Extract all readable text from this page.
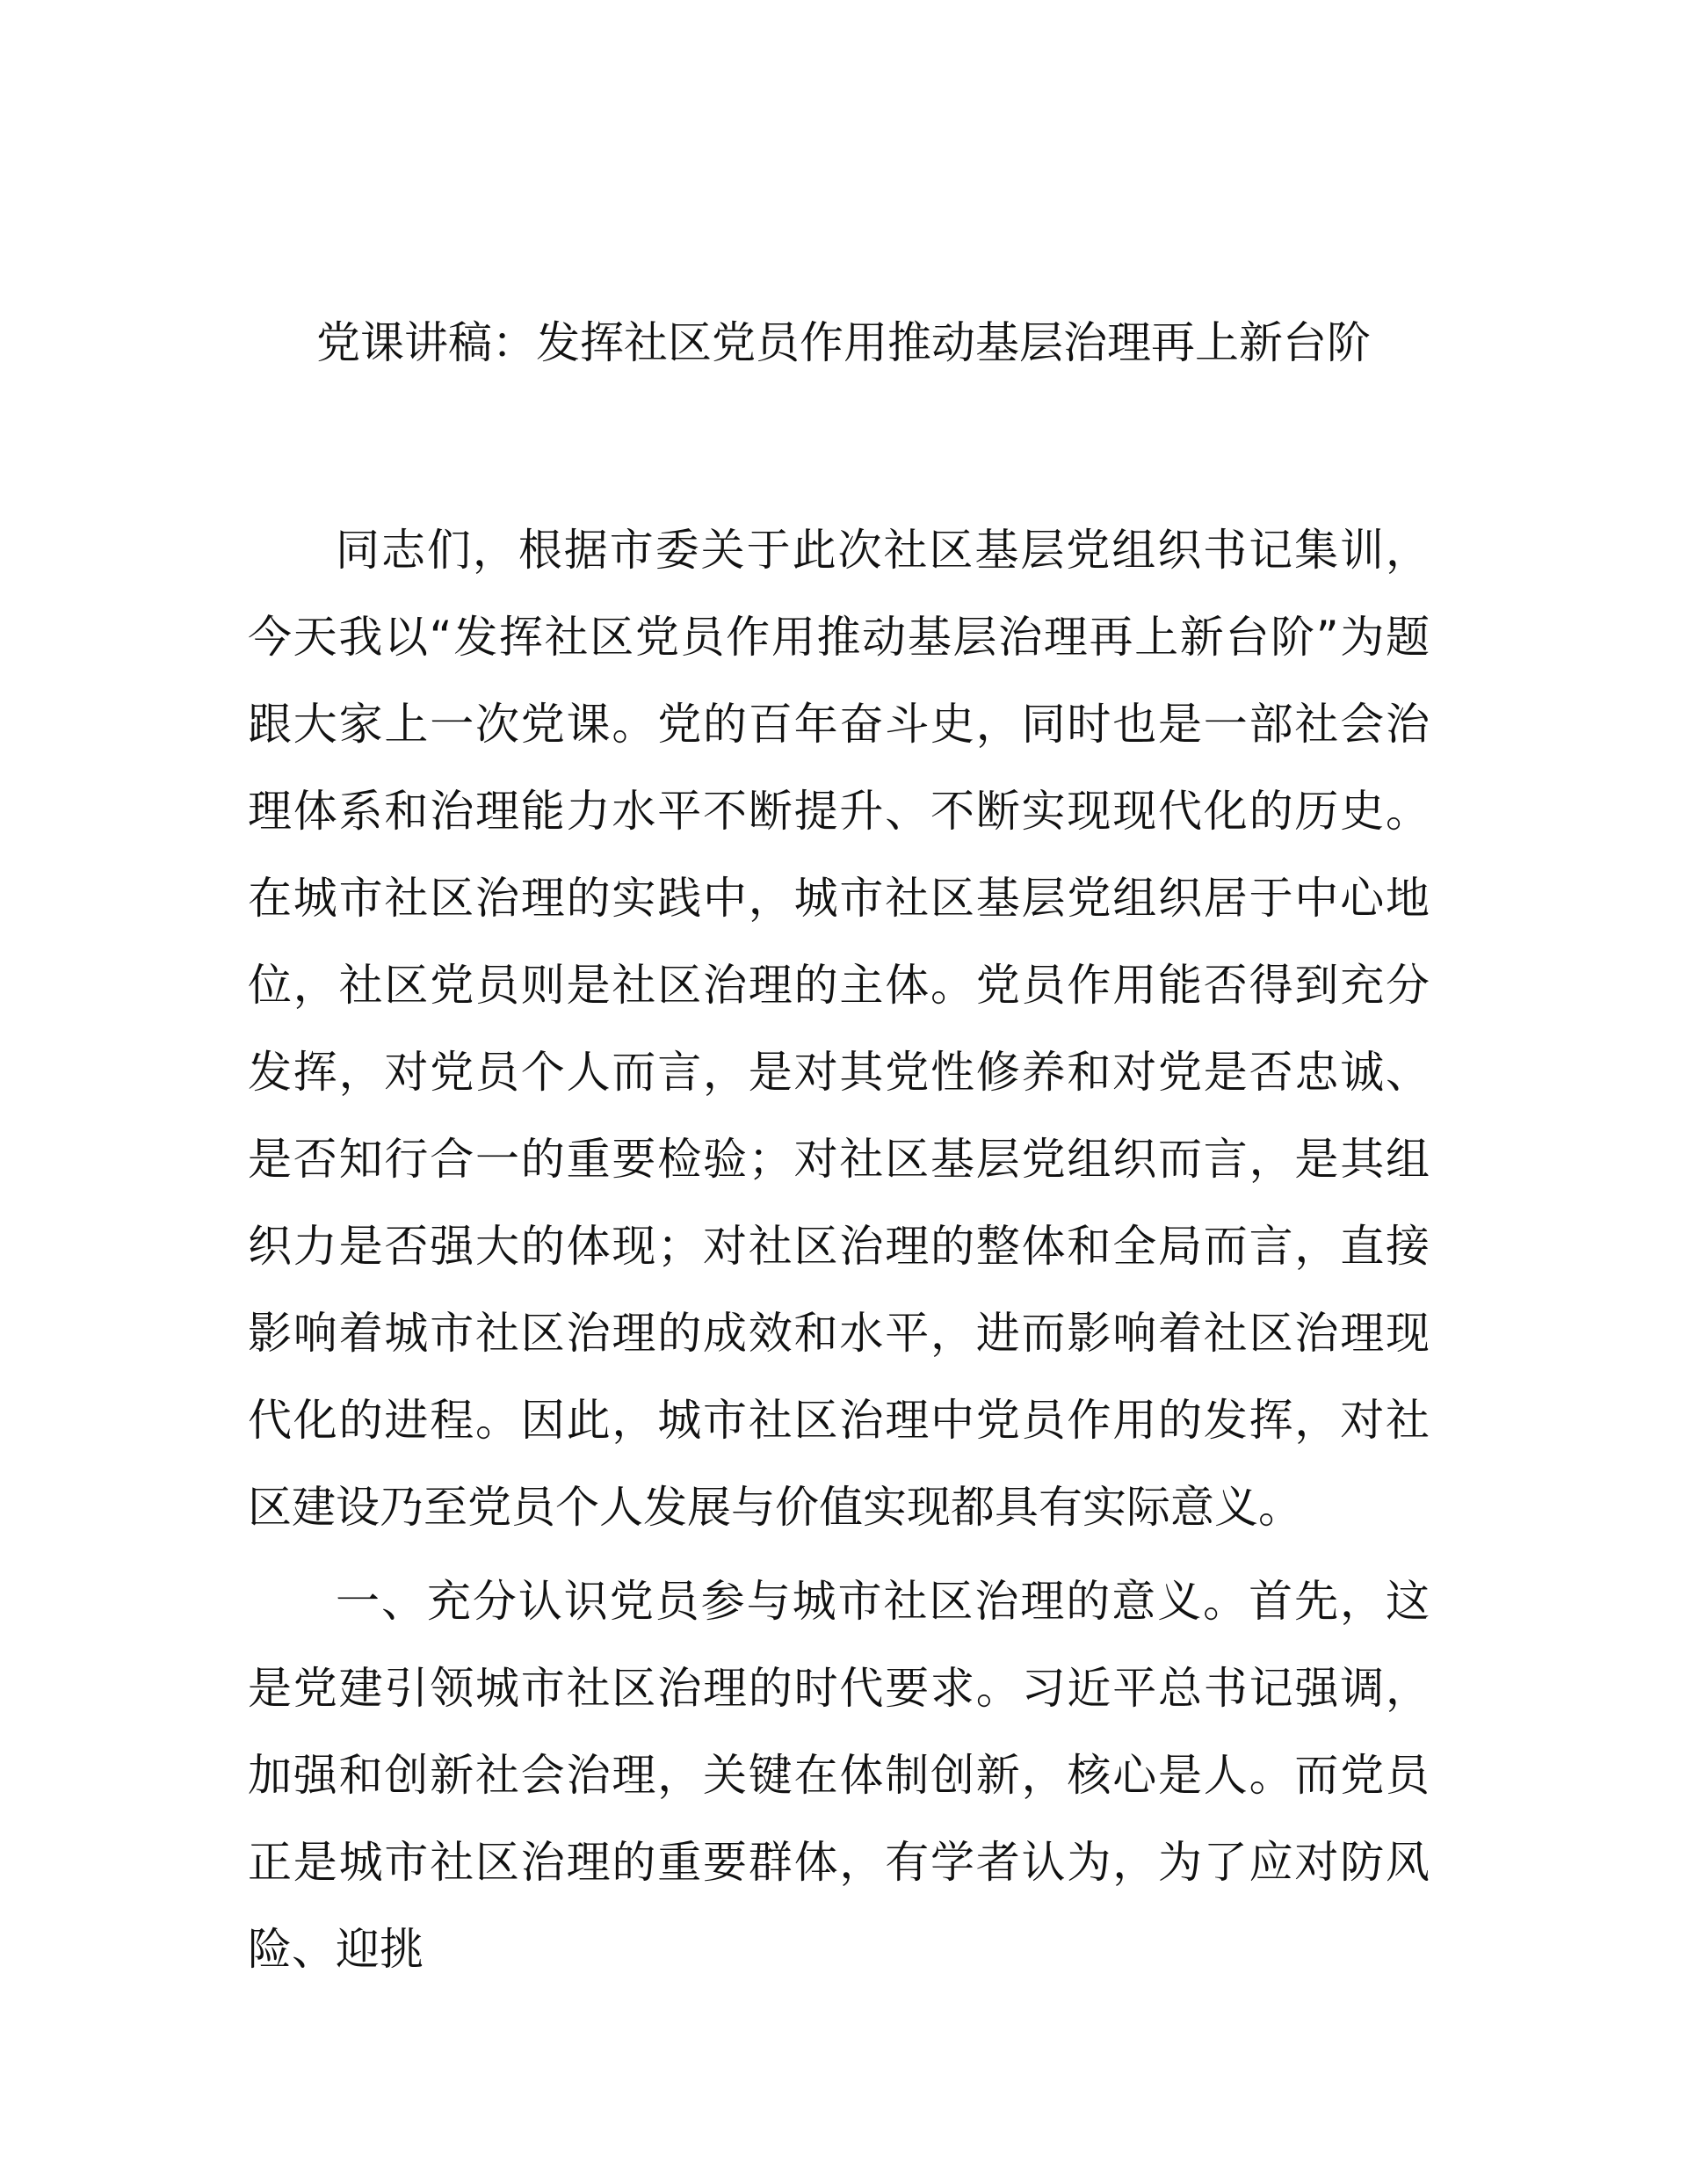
党课讲稿：发挥社区党员作用推动基层治理再上新台阶

同志们，根据市委关于此次社区基层党组织书记集训，今天我以“发挥社区党员作用推动基层治理再上新台阶”为题跟大家上一次党课。党的百年奋斗史，同时也是一部社会治理体系和治理能力水平不断提升、不断实现现代化的历史。在城市社区治理的实践中，城市社区基层党组织居于中心地位，社区党员则是社区治理的主体。党员作用能否得到充分发挥，对党员个人而言，是对其党性修养和对党是否忠诚、是否知行合一的重要检验；对社区基层党组织而言，是其组织力是否强大的体现；对社区治理的整体和全局而言，直接影响着城市社区治理的成效和水平，进而影响着社区治理现代化的进程。因此，城市社区治理中党员作用的发挥，对社区建设乃至党员个人发展与价值实现都具有实际意义。

一、充分认识党员参与城市社区治理的意义。首先，这是党建引领城市社区治理的时代要求。习近平总书记强调，加强和创新社会治理，关键在体制创新，核心是人。而党员正是城市社区治理的重要群体，有学者认为，为了应对防风险、迎挑
